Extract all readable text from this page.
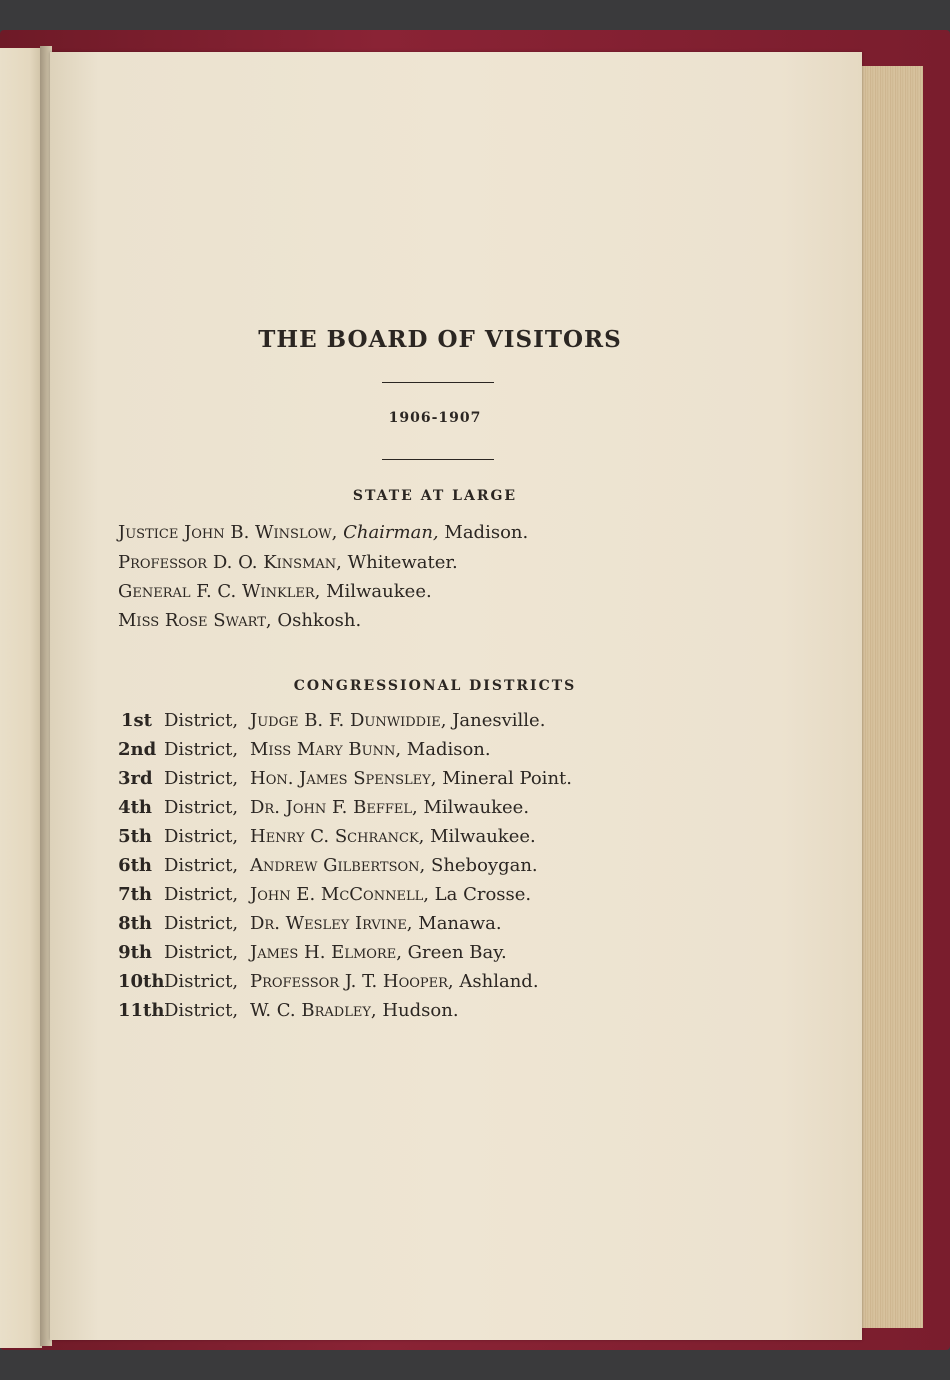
THE BOARD OF VISITORS
1906-1907
STATE AT LARGE
Justice John B. Winslow, Chairman, Madison.
Professor D. O. Kinsman, Whitewater.
General F. C. Winkler, Milwaukee.
Miss Rose Swart, Oshkosh.
CONGRESSIONAL DISTRICTS
1st District, Judge B. F. Dunwiddie, Janesville.
2nd District, Miss Mary Bunn, Madison.
3rd District, Hon. James Spensley, Mineral Point.
4th District, Dr. John F. Beffel, Milwaukee.
5th District, Henry C. Schranck, Milwaukee.
6th District, Andrew Gilbertson, Sheboygan.
7th District, John E. McConnell, La Crosse.
8th District, Dr. Wesley Irvine, Manawa.
9th District, James H. Elmore, Green Bay.
10th District, Professor J. T. Hooper, Ashland.
11th District, W. C. Bradley, Hudson.
